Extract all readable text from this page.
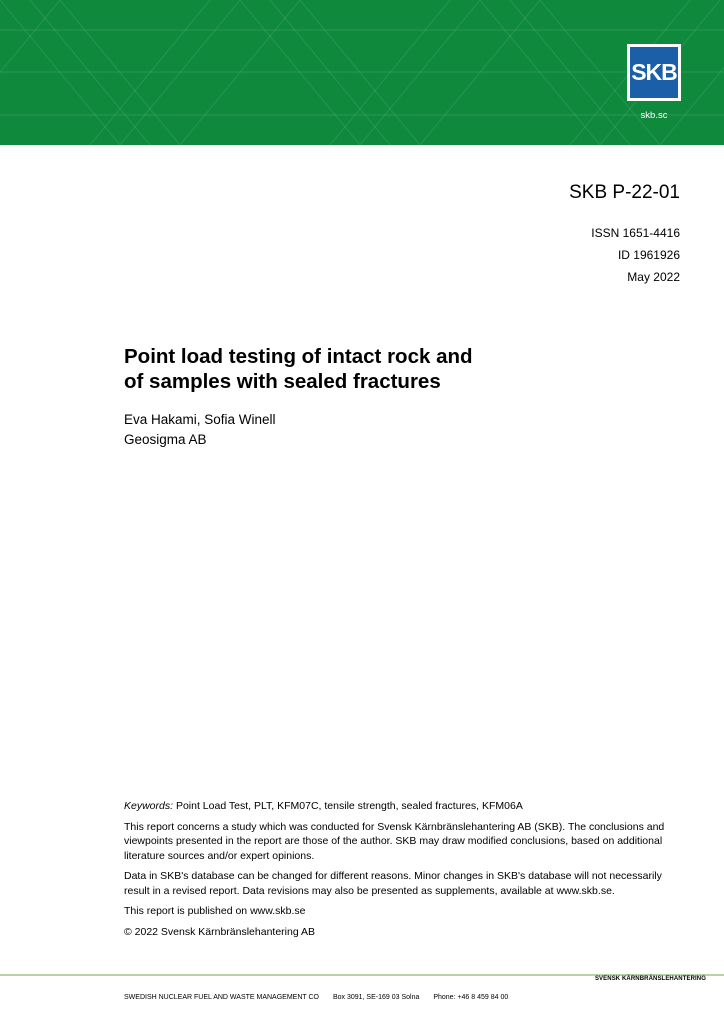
SKB
skb.sc
SKB P-22-01
ISSN 1651-4416
ID 1961926
May 2022
Point load testing of intact rock and
of samples with sealed fractures
Eva Hakami, Sofia Winell
Geosigma AB

Keywords: Point Load Test, PLT, KFM07C, tensile strength, sealed fractures, KFM06A

This report concerns a study which was conducted for Svensk Kärnbränslehantering AB (SKB). The conclusions and viewpoints presented in the report are those of the author. SKB may draw modified conclusions, based on additional literature sources and/or expert opinions.

Data in SKB's database can be changed for different reasons. Minor changes in SKB's database will not necessarily result in a revised report. Data revisions may also be presented as supplements, available at www.skb.se.

This report is published on www.skb.se

© 2022 Svensk Kärnbränslehantering AB

SVENSK KÄRNBRÄNSLEHANTERING
SWEDISH NUCLEAR FUEL AND WASTE MANAGEMENT CO Box 3091, SE-169 03 Solna Phone: +46 8 459 84 00
